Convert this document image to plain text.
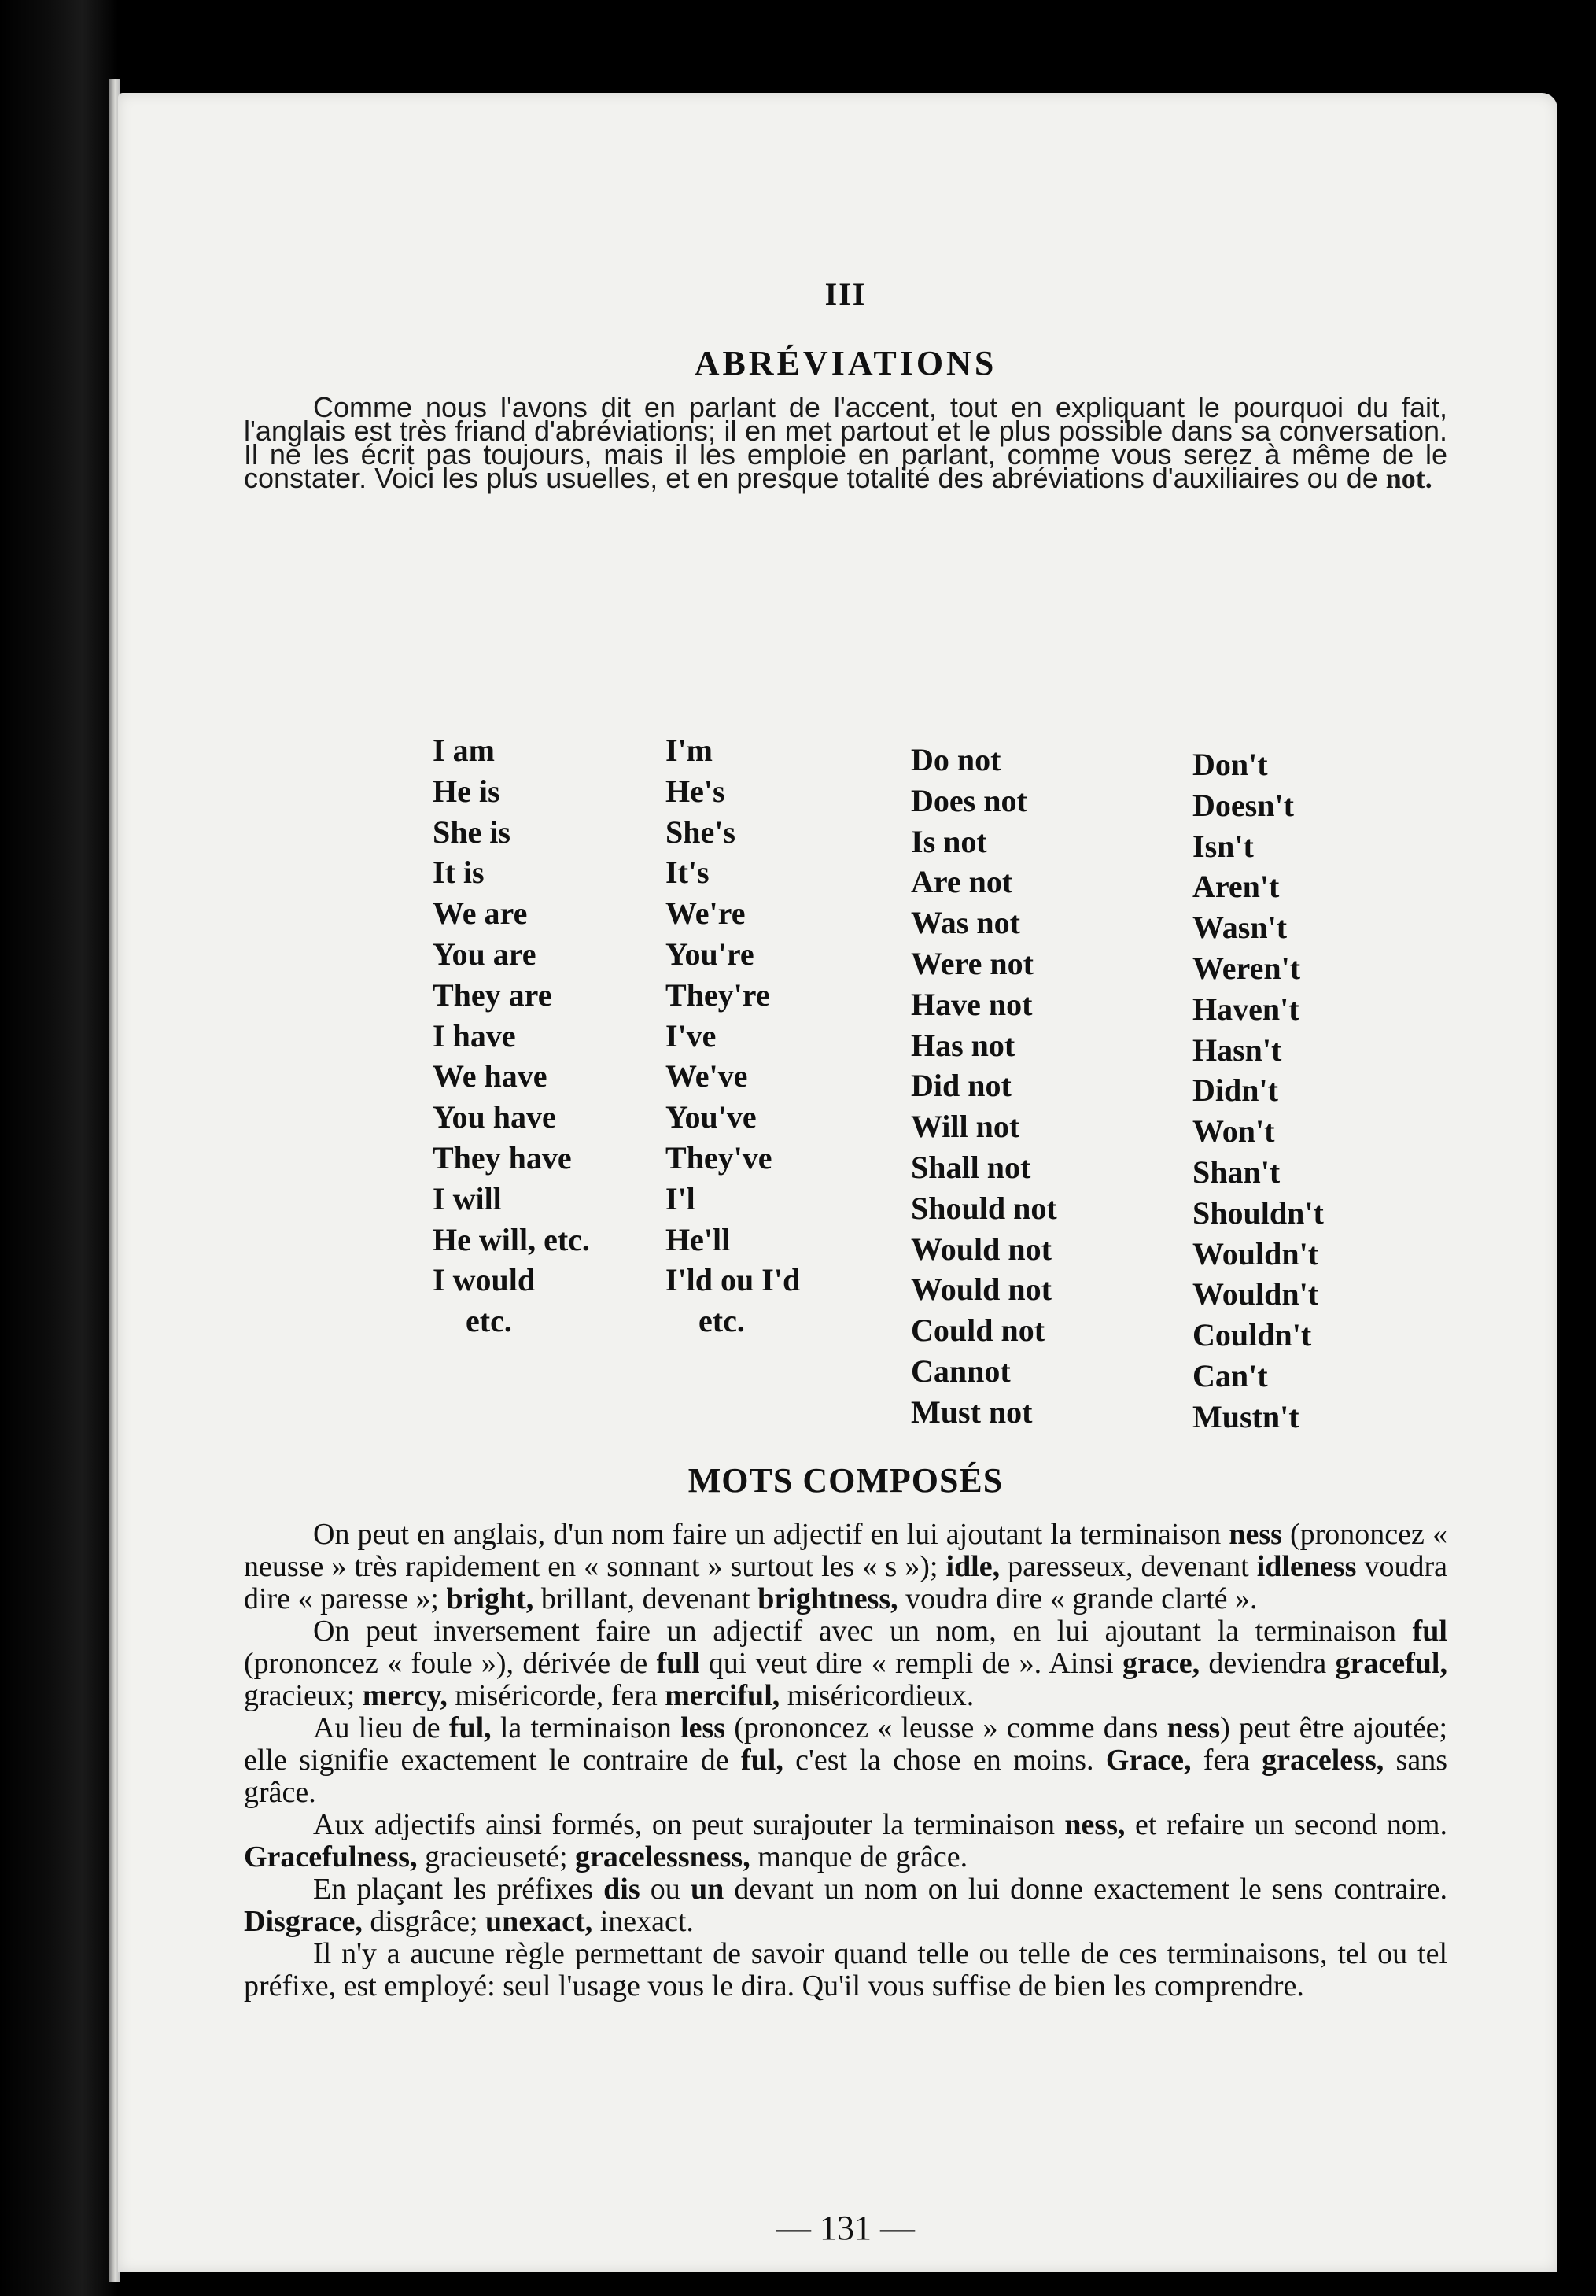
III
ABRÉVIATIONS

Comme nous l'avons dit en parlant de l'accent, tout en expliquant le pourquoi du fait, l'anglais est très friand d'abréviations; il en met partout et le plus possible dans sa conversation. Il ne les écrit pas toujours, mais il les emploie en parlant, comme vous serez à même de le constater. Voici les plus usuelles, et en presque totalité des abréviations d'auxiliaires ou de not.

I am
He is
She is
It is
We are
You are
They are
I have
We have
You have
They have
I will
He will, etc.
I would
etc.
I'm
He's
She's
It's
We're
You're
They're
I've
We've
You've
They've
I'l
He'll
I'ld ou I'd
etc.
Do not
Does not
Is not
Are not
Was not
Were not
Have not
Has not
Did not
Will not
Shall not
Should not
Would not
Would not
Could not
Cannot
Must not
Don't
Doesn't
Isn't
Aren't
Wasn't
Weren't
Haven't
Hasn't
Didn't
Won't
Shan't
Shouldn't
Wouldn't
Wouldn't
Couldn't
Can't
Mustn't
MOTS COMPOSÉS

On peut en anglais, d'un nom faire un adjectif en lui ajoutant la terminaison ness (prononcez « neusse » très rapidement en « sonnant » surtout les « s »); idle, paresseux, devenant idleness voudra dire « paresse »; bright, brillant, devenant brightness, voudra dire « grande clarté ».

On peut inversement faire un adjectif avec un nom, en lui ajoutant la terminaison ful (prononcez « foule »), dérivée de full qui veut dire « rempli de ». Ainsi grace, deviendra graceful, gracieux; mercy, miséricorde, fera merciful, miséricordieux.

Au lieu de ful, la terminaison less (prononcez « leusse » comme dans ness) peut être ajoutée; elle signifie exactement le contraire de ful, c'est la chose en moins. Grace, fera graceless, sans grâce.

Aux adjectifs ainsi formés, on peut surajouter la terminaison ness, et refaire un second nom. Gracefulness, gracieuseté; gracelessness, manque de grâce.

En plaçant les préfixes dis ou un devant un nom on lui donne exactement le sens contraire. Disgrace, disgrâce; unexact, inexact.

Il n'y a aucune règle permettant de savoir quand telle ou telle de ces terminaisons, tel ou tel préfixe, est employé: seul l'usage vous le dira. Qu'il vous suffise de bien les comprendre.

— 131 —
